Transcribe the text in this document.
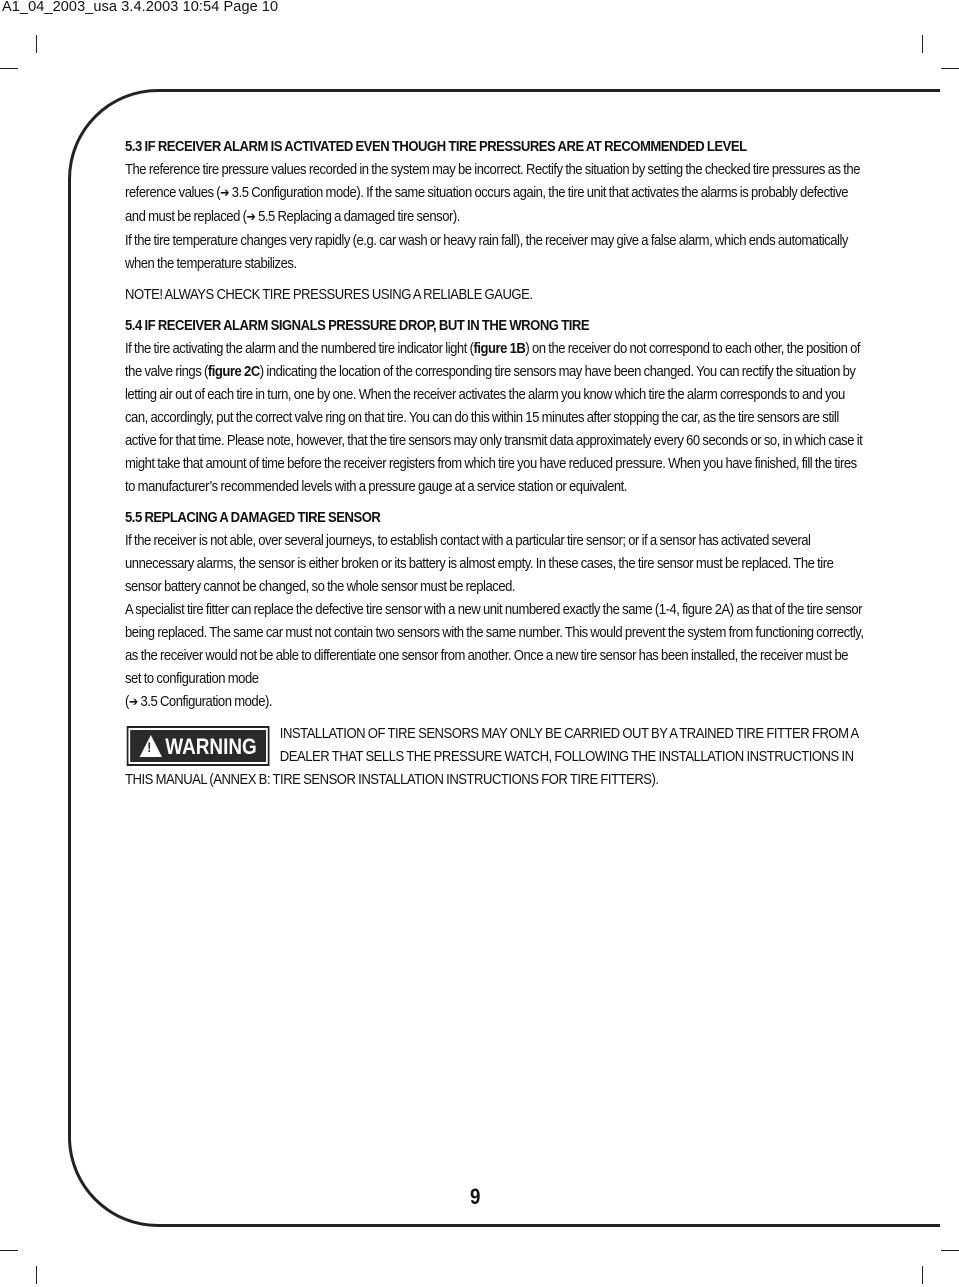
A1_04_2003_usa 3.4.2003 10:54 Page 10

5.3 IF RECEIVER ALARM IS ACTIVATED EVEN THOUGH TIRE PRESSURES ARE AT RECOMMENDED LEVEL

The reference tire pressure values recorded in the system may be incorrect. Rectify the situation by setting the checked tire pressures as the reference values (➔ 3.5 Configuration mode). If the same situation occurs again, the tire unit that activates the alarms is probably defective and must be replaced (➔ 5.5 Replacing a damaged tire sensor).

If the tire temperature changes very rapidly (e.g. car wash or heavy rain fall), the receiver may give a false alarm, which ends automatically when the temperature stabilizes.

NOTE! ALWAYS CHECK TIRE PRESSURES USING A RELIABLE GAUGE.

5.4 IF RECEIVER ALARM SIGNALS PRESSURE DROP, BUT IN THE WRONG TIRE

If the tire activating the alarm and the numbered tire indicator light (figure 1B) on the receiver do not correspond to each other, the position of the valve rings (figure 2C) indicating the location of the corresponding tire sensors may have been changed. You can rectify the situation by letting air out of each tire in turn, one by one. When the receiver activates the alarm you know which tire the alarm corresponds to and you can, accordingly, put the correct valve ring on that tire. You can do this within 15 minutes after stopping the car, as the tire sensors are still active for that time. Please note, however, that the tire sensors may only transmit data approximately every 60 seconds or so, in which case it might take that amount of time before the receiver registers from which tire you have reduced pressure. When you have finished, fill the tires to manufacturer’s recommended levels with a pressure gauge at a service station or equivalent.

5.5 REPLACING A DAMAGED TIRE SENSOR

If the receiver is not able, over several journeys, to establish contact with a particular tire sensor; or if a sensor has activated several unnecessary alarms, the sensor is either broken or its battery is almost empty. In these cases, the tire sensor must be replaced. The tire sensor battery cannot be changed, so the whole sensor must be replaced.

A specialist tire fitter can replace the defective tire sensor with a new unit numbered exactly the same (1-4, figure 2A) as that of the tire sensor being replaced. The same car must not contain two sensors with the same number. This would prevent the system from functioning correctly, as the receiver would not be able to differentiate one sensor from another. Once a new tire sensor has been installed, the receiver must be set to configuration mode
(➔ 3.5 Configuration mode).

! WARNING	INSTALLATION OF TIRE SENSORS MAY ONLY BE CARRIED OUT BY A TRAINED TIRE FITTER FROM A DEALER THAT SELLS THE PRESSURE WATCH, FOLLOWING THE INSTALLATION INSTRUCTIONS IN THIS MANUAL (ANNEX B: TIRE SENSOR INSTALLATION INSTRUCTIONS FOR TIRE FITTERS).

9
